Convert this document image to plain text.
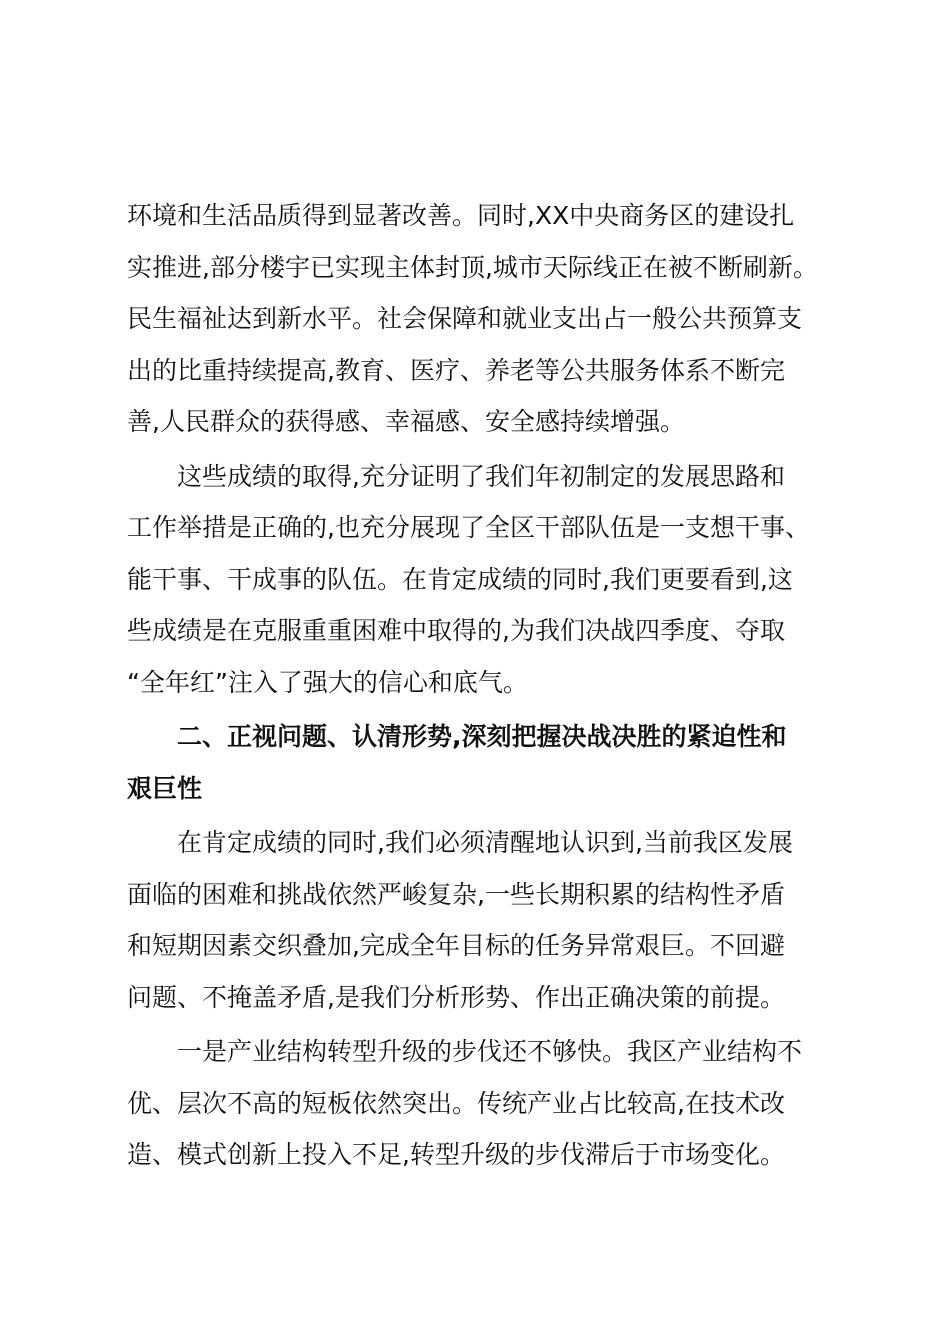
环境和生活品质得到显著改善。同时,XX中央商务区的建设扎
实推进,部分楼宇已实现主体封顶,城市天际线正在被不断刷新。
民生福祉达到新水平。社会保障和就业支出占一般公共预算支
出的比重持续提高,教育、医疗、养老等公共服务体系不断完
善,人民群众的获得感、幸福感、安全感持续增强。
这些成绩的取得,充分证明了我们年初制定的发展思路和
工作举措是正确的,也充分展现了全区干部队伍是一支想干事、
能干事、干成事的队伍。在肯定成绩的同时,我们更要看到,这
些成绩是在克服重重困难中取得的,为我们决战四季度、夺取
“全年红”注入了强大的信心和底气。
二、正视问题、认清形势,深刻把握决战决胜的紧迫性和
艰巨性
在肯定成绩的同时,我们必须清醒地认识到,当前我区发展
面临的困难和挑战依然严峻复杂,一些长期积累的结构性矛盾
和短期因素交织叠加,完成全年目标的任务异常艰巨。不回避
问题、不掩盖矛盾,是我们分析形势、作出正确决策的前提。
一是产业结构转型升级的步伐还不够快。我区产业结构不
优、层次不高的短板依然突出。传统产业占比较高,在技术改
造、模式创新上投入不足,转型升级的步伐滞后于市场变化。
